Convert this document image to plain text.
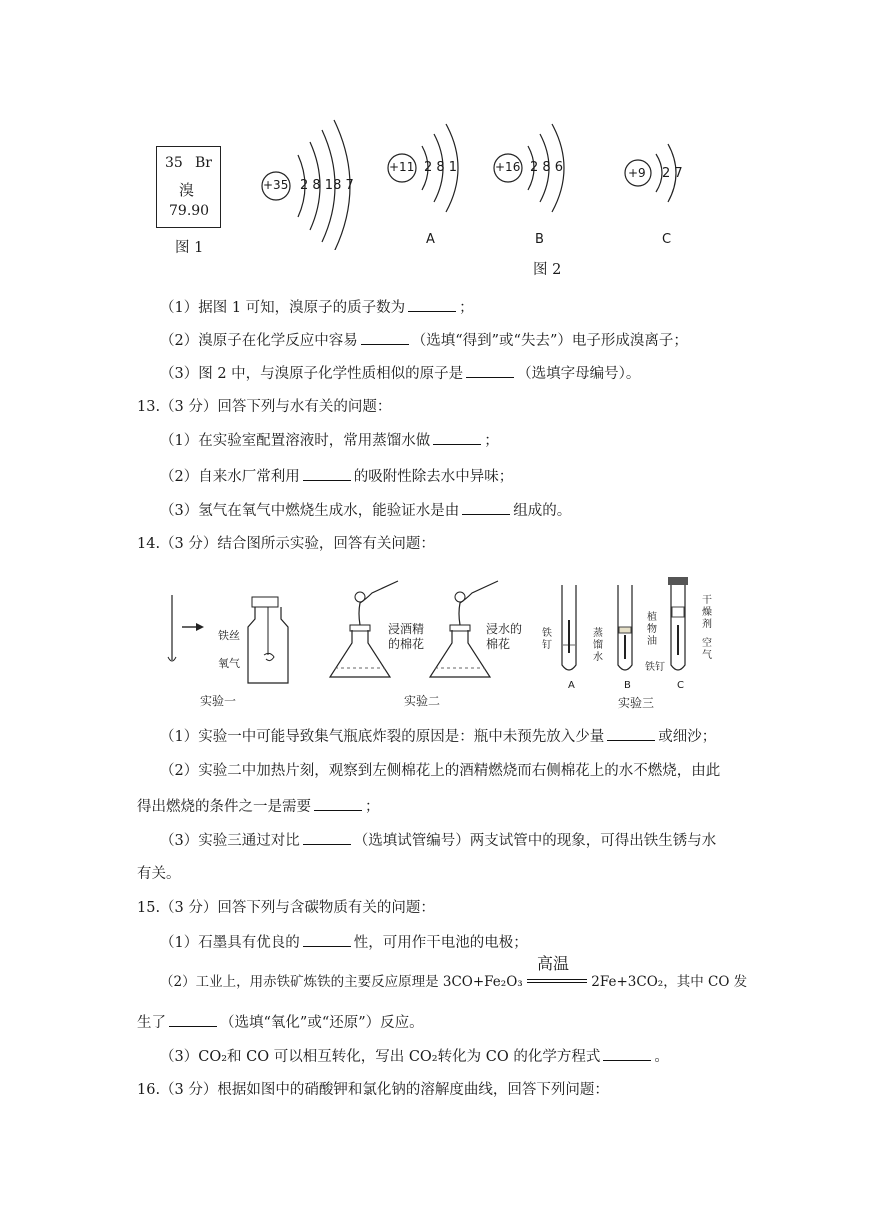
35 Br
溴
79.90
图 1
+35 2 8 18 7
+11 2 8 1	+16 2 8 6	+9 2 7
A	B	C
图 2
（1）据图 1 可知，溴原子的质子数为	；
（2）溴原子在化学反应中容易	（选填“得到”或“失去”）电子形成溴离子；
（3）图 2 中，与溴原子化学性质相似的原子是	（选填字母编号）。
13.（3 分）回答下列与水有关的问题：
（1）在实验室配置溶液时，常用蒸馏水做	；
（2）自来水厂常利用	的吸附性除去水中异味；
（3）氢气在氧气中燃烧生成水，能验证水是由	组成的。
14.（3 分）结合图所示实验，回答有关问题：
铁丝
氧气
实验一
浸酒精的棉花
浸水的棉花
实验二
铁钉
蒸馏水
植物油
铁钉
干燥剂
空气
A	B	C
实验三
（1）实验一中可能导致集气瓶底炸裂的原因是：瓶中未预先放入少量	或细沙；
（2）实验二中加热片刻，观察到左侧棉花上的酒精燃烧而右侧棉花上的水不燃烧，由此
得出燃烧的条件之一是需要	；
（3）实验三通过对比	（选填试管编号）两支试管中的现象，可得出铁生锈与水
有关。
15.（3 分）回答下列与含碳物质有关的问题：
（1）石墨具有优良的	性，可用作干电池的电极；
（2）工业上，用赤铁矿炼铁的主要反应原理是 3CO+Fe₂O₃
高温
2Fe+3CO₂，其中 CO 发
生了	（选填“氧化”或“还原”）反应。
（3）CO₂和 CO 可以相互转化，写出 CO₂转化为 CO 的化学方程式	。
16.（3 分）根据如图中的硝酸钾和氯化钠的溶解度曲线，回答下列问题：
